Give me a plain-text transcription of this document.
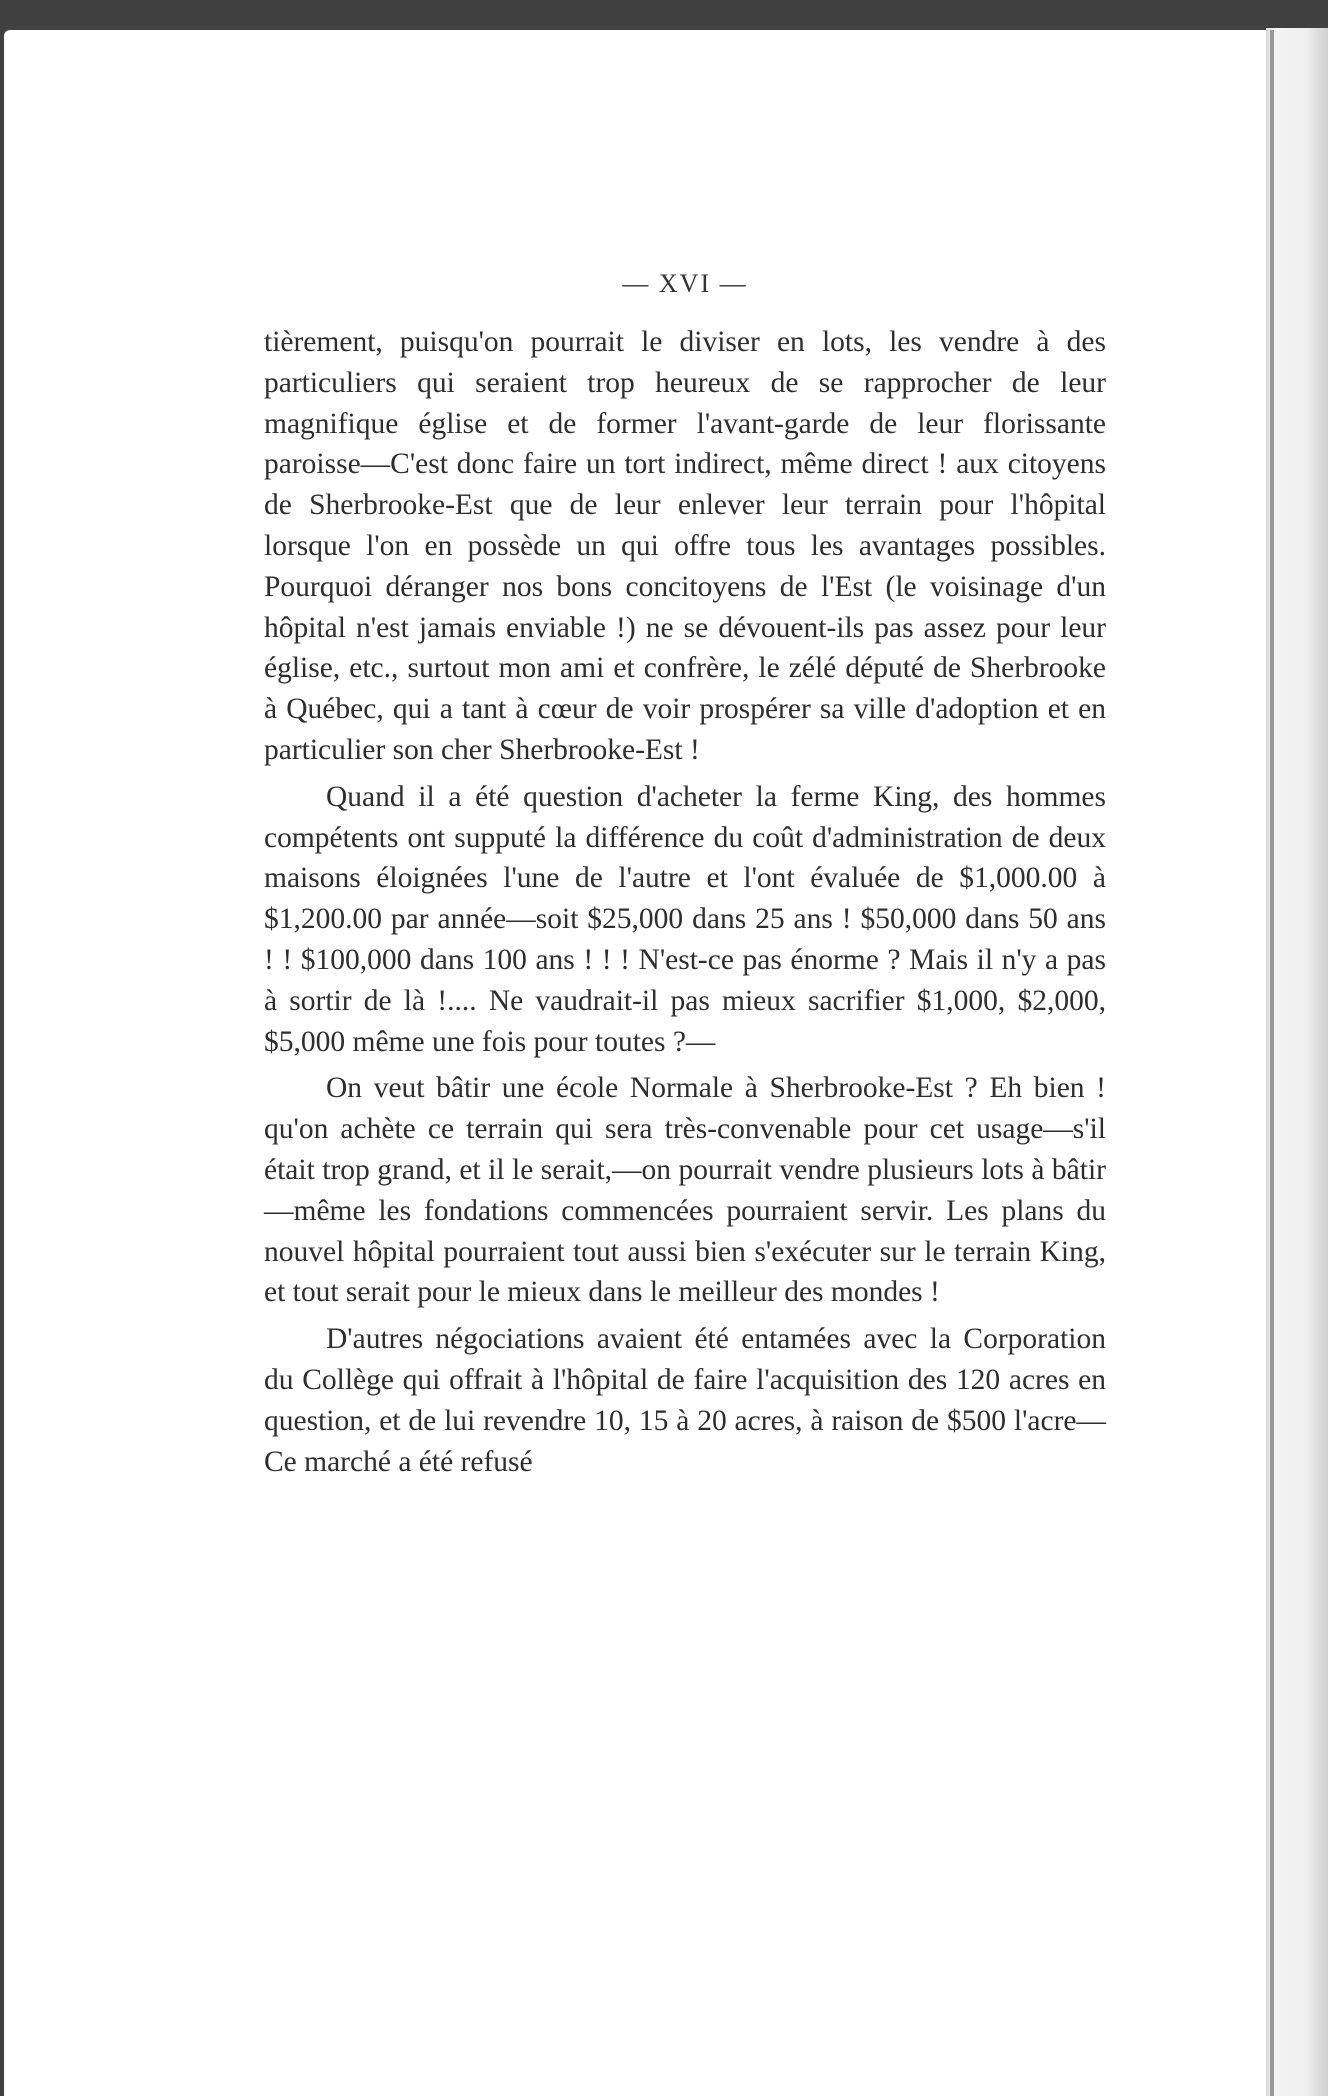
— XVI —

tièrement, puisqu'on pourrait le diviser en lots, les vendre à des particuliers qui seraient trop heureux de se rapprocher de leur magnifique église et de former l'avant-garde de leur florissante paroisse—C'est donc faire un tort indirect, même direct ! aux citoyens de Sherbrooke-Est que de leur enlever leur terrain pour l'hôpital lorsque l'on en possède un qui offre tous les avantages possibles. Pourquoi déranger nos bons concitoyens de l'Est (le voisinage d'un hôpital n'est jamais enviable !) ne se dévouent-ils pas assez pour leur église, etc., surtout mon ami et confrère, le zélé député de Sherbrooke à Québec, qui a tant à cœur de voir prospérer sa ville d'adoption et en particulier son cher Sherbrooke-Est !

Quand il a été question d'acheter la ferme King, des hommes compétents ont supputé la différence du coût d'administration de deux maisons éloignées l'une de l'autre et l'ont évaluée de $1,000.00 à $1,200.00 par année—soit $25,000 dans 25 ans ! $50,000 dans 50 ans ! ! $100,000 dans 100 ans ! ! ! N'est-ce pas énorme ? Mais il n'y a pas à sortir de là !.... Ne vaudrait-il pas mieux sacrifier $1,000, $2,000, $5,000 même une fois pour toutes ?—

On veut bâtir une école Normale à Sherbrooke-Est ? Eh bien ! qu'on achète ce terrain qui sera très-convenable pour cet usage—s'il était trop grand, et il le serait,—on pourrait vendre plusieurs lots à bâtir—même les fondations commencées pourraient servir. Les plans du nouvel hôpital pourraient tout aussi bien s'exécuter sur le terrain King, et tout serait pour le mieux dans le meilleur des mondes !

D'autres négociations avaient été entamées avec la Corporation du Collège qui offrait à l'hôpital de faire l'acquisition des 120 acres en question, et de lui revendre 10, 15 à 20 acres, à raison de $500 l'acre—Ce marché a été refusé
